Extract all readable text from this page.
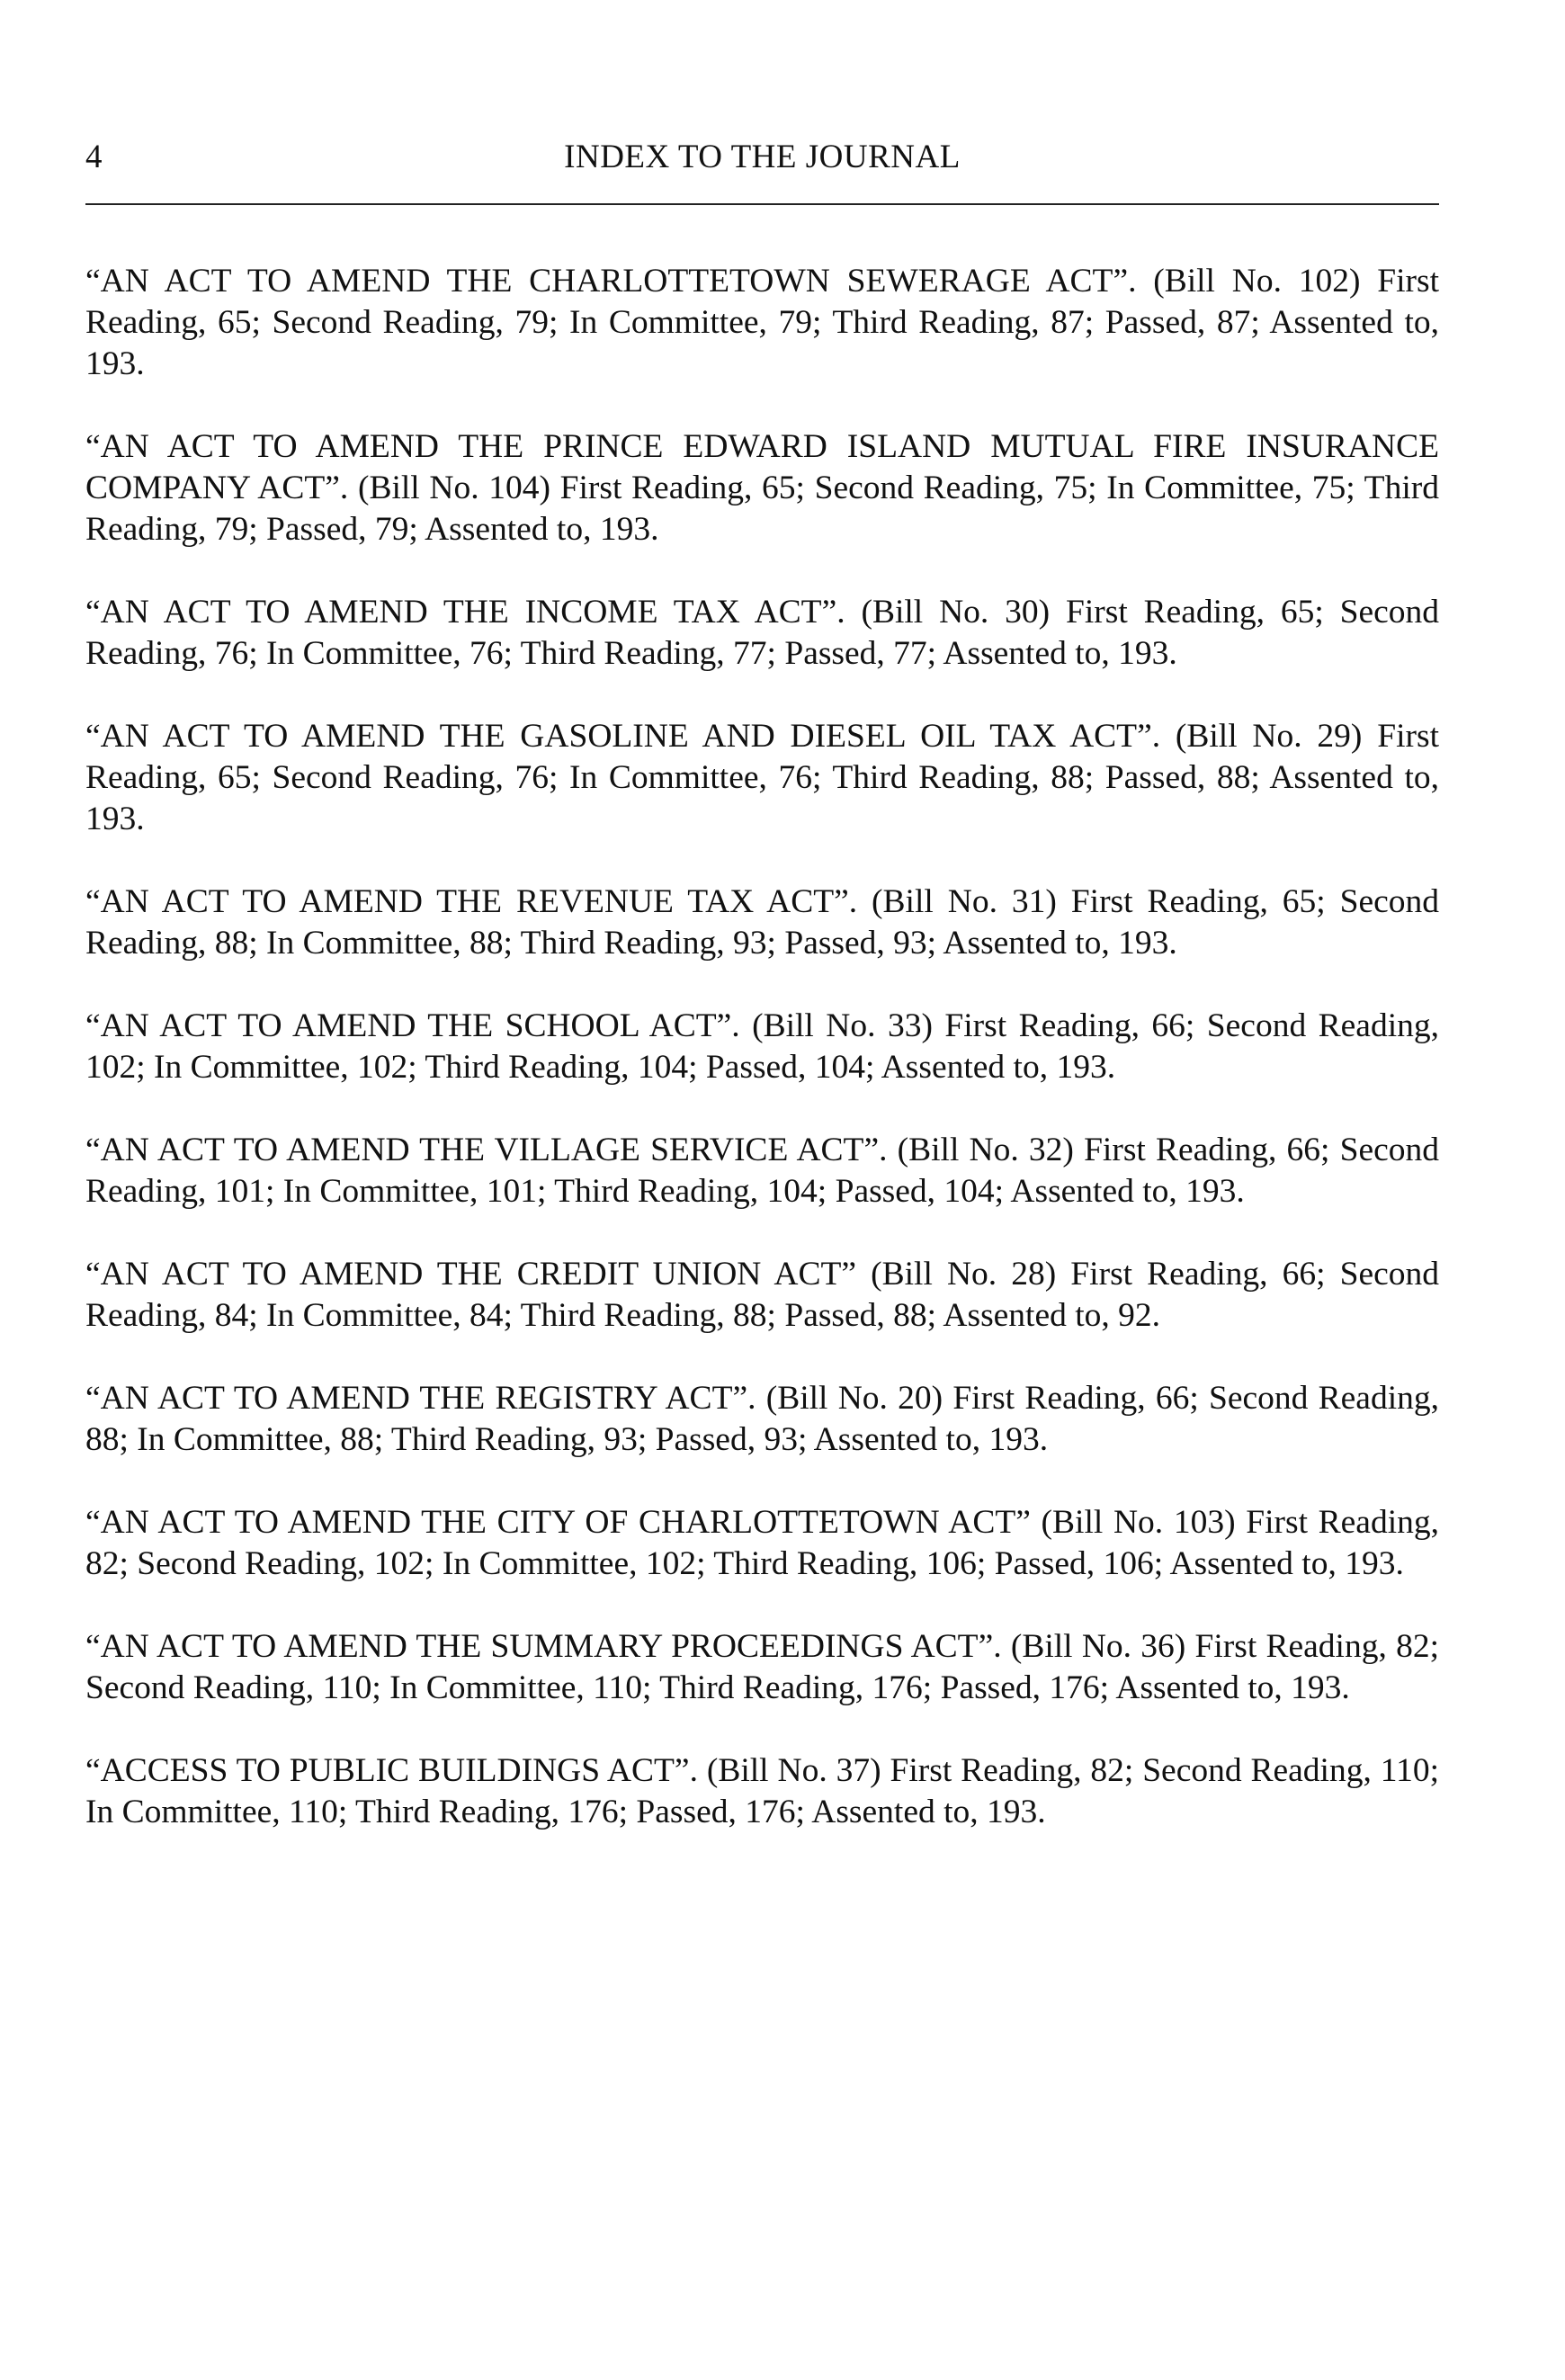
4	INDEX TO THE JOURNAL

“AN ACT TO AMEND THE CHARLOTTETOWN SEWERAGE ACT”. (Bill No. 102) First Reading, 65; Second Reading, 79; In Committee, 79; Third Reading, 87; Passed, 87; Assented to, 193.

“AN ACT TO AMEND THE PRINCE EDWARD ISLAND MUTUAL FIRE INSURANCE COMPANY ACT”. (Bill No. 104) First Reading, 65; Second Reading, 75; In Committee, 75; Third Reading, 79; Passed, 79; Assented to, 193.

“AN ACT TO AMEND THE INCOME TAX ACT”. (Bill No. 30) First Reading, 65; Second Reading, 76; In Committee, 76; Third Reading, 77; Passed, 77; Assented to, 193.

“AN ACT TO AMEND THE GASOLINE AND DIESEL OIL TAX ACT”. (Bill No. 29) First Reading, 65; Second Reading, 76; In Committee, 76; Third Reading, 88; Passed, 88; Assented to, 193.

“AN ACT TO AMEND THE REVENUE TAX ACT”. (Bill No. 31) First Reading, 65; Second Reading, 88; In Committee, 88; Third Reading, 93; Passed, 93; Assented to, 193.

“AN ACT TO AMEND THE SCHOOL ACT”. (Bill No. 33) First Reading, 66; Second Reading, 102; In Committee, 102; Third Reading, 104; Passed, 104; Assented to, 193.

“AN ACT TO AMEND THE VILLAGE SERVICE ACT”. (Bill No. 32) First Reading, 66; Second Reading, 101; In Committee, 101; Third Reading, 104; Passed, 104; Assented to, 193.

“AN ACT TO AMEND THE CREDIT UNION ACT” (Bill No. 28) First Reading, 66; Second Reading, 84; In Committee, 84; Third Reading, 88; Passed, 88; Assented to, 92.

“AN ACT TO AMEND THE REGISTRY ACT”. (Bill No. 20) First Reading, 66; Second Reading, 88; In Committee, 88; Third Reading, 93; Passed, 93; Assented to, 193.

“AN ACT TO AMEND THE CITY OF CHARLOTTETOWN ACT” (Bill No. 103) First Reading, 82; Second Reading, 102; In Committee, 102; Third Reading, 106; Passed, 106; Assented to, 193.

“AN ACT TO AMEND THE SUMMARY PROCEEDINGS ACT”. (Bill No. 36) First Reading, 82; Second Reading, 110; In Committee, 110; Third Reading, 176; Passed, 176; Assented to, 193.

“ACCESS TO PUBLIC BUILDINGS ACT”. (Bill No. 37) First Reading, 82; Second Reading, 110; In Committee, 110; Third Reading, 176; Passed, 176; Assented to, 193.
